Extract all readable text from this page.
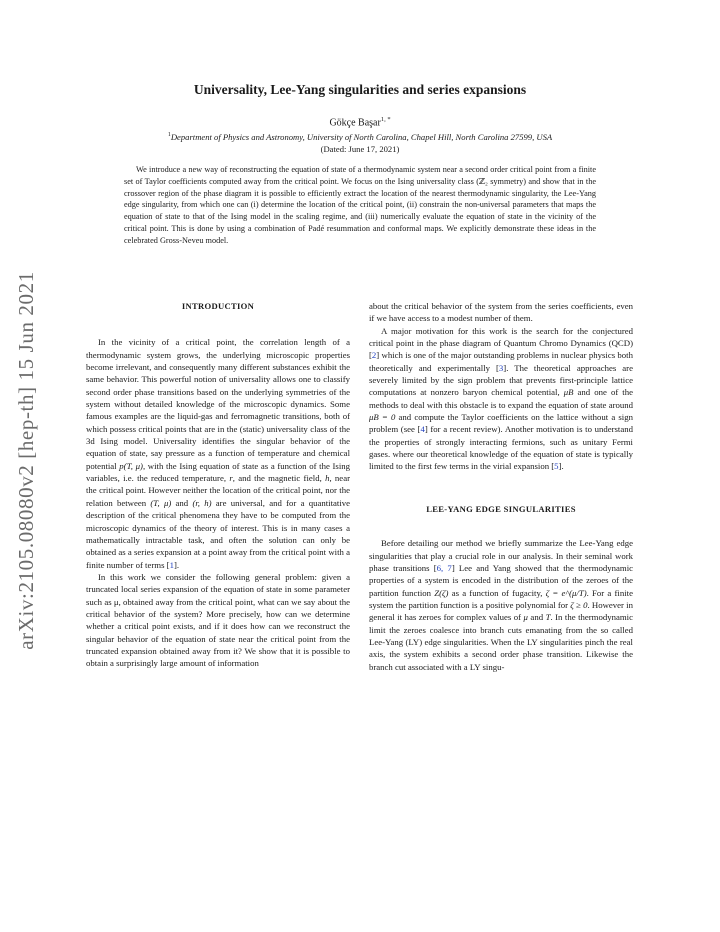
arXiv:2105.08080v2 [hep-th] 15 Jun 2021
Universality, Lee-Yang singularities and series expansions
Gökçe Başar$^{1, *}$
$^1$Department of Physics and Astronomy, University of North Carolina, Chapel Hill, North Carolina 27599, USA
(Dated: June 17, 2021)
We introduce a new way of reconstructing the equation of state of a thermodynamic system near a second order critical point from a finite set of Taylor coefficients computed away from the critical point. We focus on the Ising universality class (ℤ₂ symmetry) and show that in the crossover region of the phase diagram it is possible to efficiently extract the location of the nearest thermodynamic singularity, the Lee-Yang edge singularity, from which one can (i) determine the location of the critical point, (ii) constrain the non-universal parameters that maps the equation of state to that of the Ising model in the scaling regime, and (iii) numerically evaluate the equation of state in the vicinity of the critical point. This is done by using a combination of Padé resummation and conformal maps. We explicitly demonstrate these ideas in the celebrated Gross-Neveu model.
INTRODUCTION

In the vicinity of a critical point, the correlation length of a thermodynamic system grows, the underlying microscopic properties become irrelevant, and consequently many different substances exhibit the same behavior. This powerful notion of universality allows one to classify second order phase transitions based on the underlying symmetries of the system without detailed knowledge of the microscopic dynamics. Some famous examples are the liquid-gas and ferromagnetic transitions, both of which possess critical points that are in the (static) universality class of the 3d Ising model. Universality identifies the singular behavior of the equation of state, say pressure as a function of temperature and chemical potential p(T, μ), with the Ising equation of state as a function of the Ising variables, i.e. the reduced temperature, r, and the magnetic field, h, near the critical point. However neither the location of the critical point, nor the relation between (T, μ) and (r, h) are universal, and for a quantitative description of the critical phenomena they have to be computed from the microscopic dynamics of the theory of interest. This is in many cases a mathematically intractable task, and often the solution can only be obtained as a series expansion at a point away from the critical point with a finite number of terms [1].

In this work we consider the following general problem: given a truncated local series expansion of the equation of state in some parameter such as μ, obtained away from the critical point, what can we say about the critical behavior of the system? More precisely, how can we determine whether a critical point exists, and if it does how can we reconstruct the singular behavior of the equation of state near the critical point from the truncated expansion obtained away from it? We show that it is possible to obtain a surprisingly large amount of information

about the critical behavior of the system from the series coefficients, even if we have access to a modest number of them.

A major motivation for this work is the search for the conjectured critical point in the phase diagram of Quantum Chromo Dynamics (QCD) [2] which is one of the major outstanding problems in nuclear physics both theoretically and experimentally [3]. The theoretical approaches are severely limited by the sign problem that prevents first-principle lattice computations at nonzero baryon chemical potential, μB and one of the methods to deal with this obstacle is to expand the equation of state around μB = 0 and compute the Taylor coefficients on the lattice without a sign problem (see [4] for a recent review). Another motivation is to understand the properties of strongly interacting fermions, such as unitary Fermi gases. where our theoretical knowledge of the equation of state is typically limited to the first few terms in the virial expansion [5].

LEE-YANG EDGE SINGULARITIES

Before detailing our method we briefly summarize the Lee-Yang edge singularities that play a crucial role in our analysis. In their seminal work phase transitions [6, 7] Lee and Yang showed that the thermodynamic properties of a system is encoded in the distribution of the zeroes of the partition function Z(ζ) as a function of fugacity, ζ = e^(μ/T). For a finite system the partition function is a positive polynomial for ζ ≥ 0. However in general it has zeroes for complex values of μ and T. In the thermodynamic limit the zeroes coalesce into branch cuts emanating from the so called Lee-Yang (LY) edge singularities. When the LY singularities pinch the real axis, the system exhibits a second order phase transition. Likewise the branch cut associated with a LY singu-
